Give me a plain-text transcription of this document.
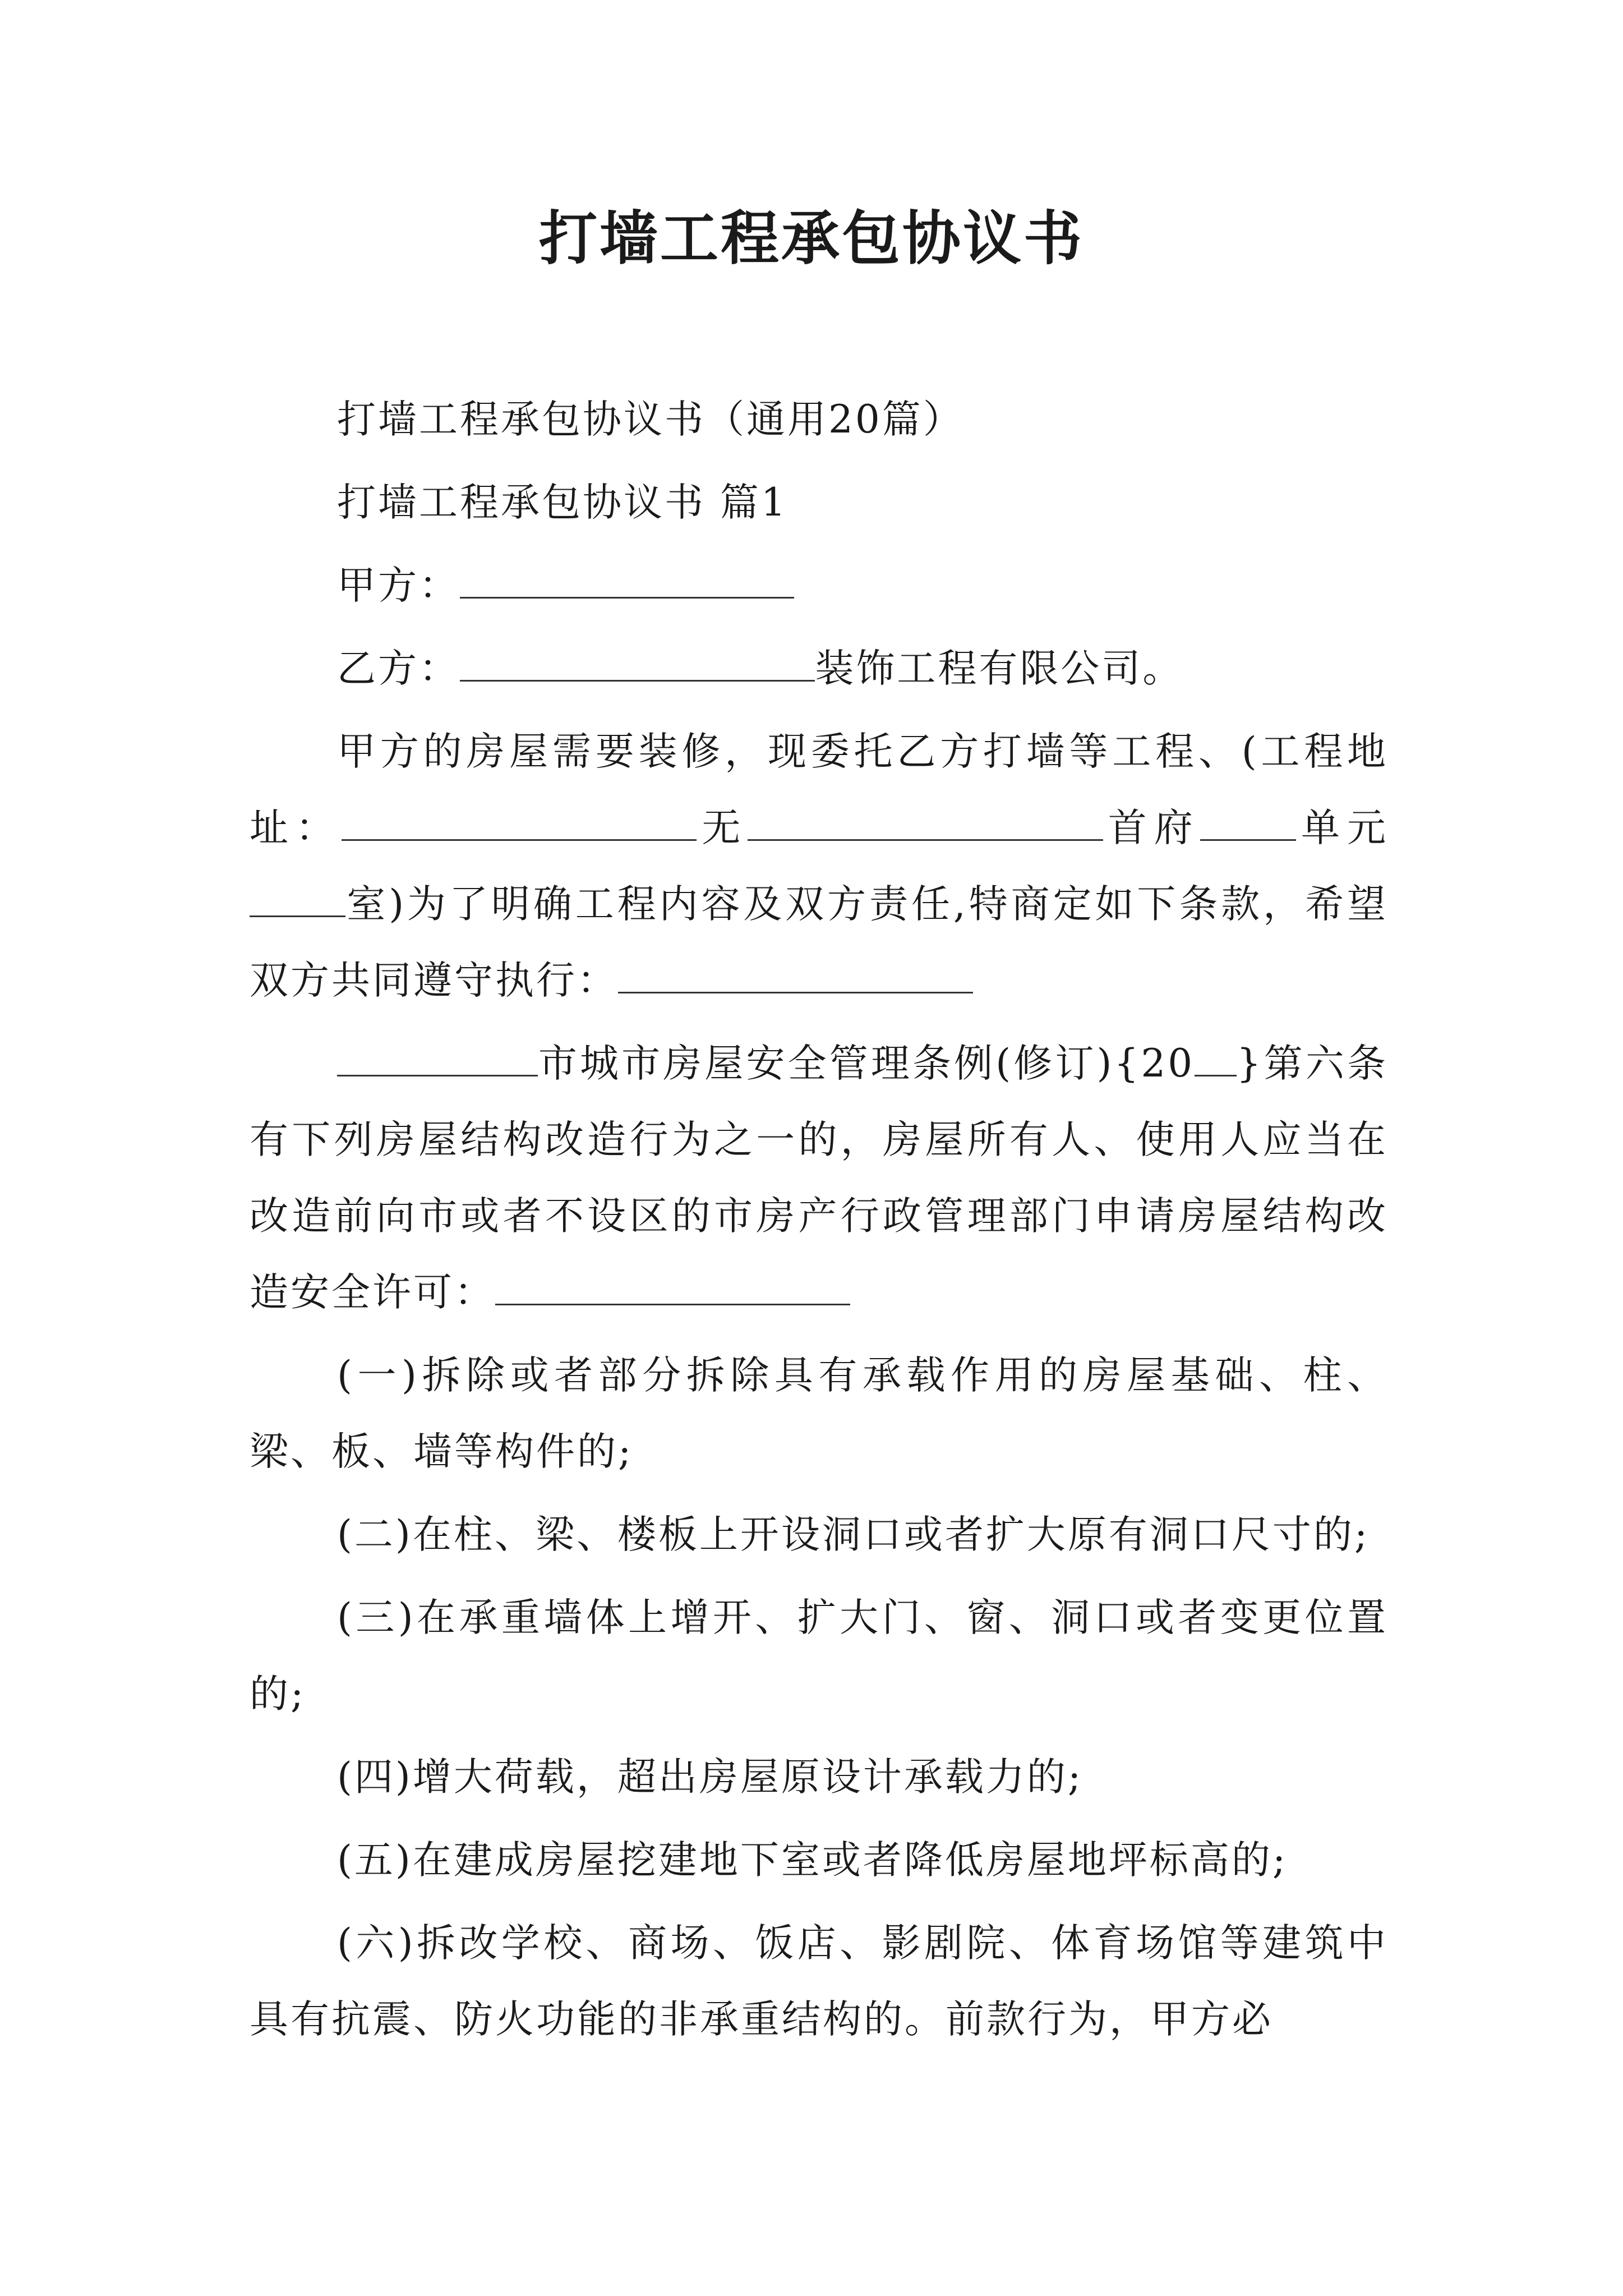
打墙工程承包协议书

打墙工程承包协议书（通用20篇）

打墙工程承包协议书 篇1

甲方：

乙方：	装饰工程有限公司。

甲方的房屋需要装修，现委托乙方打墙等工程、(工程地址：	无	首府 单元室)为了明确工程内容及双方责任,特商定如下条款，希望双方共同遵守执行：

市城市房屋安全管理条例(修订){20 }第六条有下列房屋结构改造行为之一的，房屋所有人、使用人应当在改造前向市或者不设区的市房产行政管理部门申请房屋结构改造安全许可：

(一)拆除或者部分拆除具有承载作用的房屋基础、柱、梁、板、墙等构件的;

(二)在柱、梁、楼板上开设洞口或者扩大原有洞口尺寸的;

(三)在承重墙体上增开、扩大门、窗、洞口或者变更位置的;

(四)增大荷载，超出房屋原设计承载力的;

(五)在建成房屋挖建地下室或者降低房屋地坪标高的;

(六)拆改学校、商场、饭店、影剧院、体育场馆等建筑中具有抗震、防火功能的非承重结构的。前款行为，甲方必
